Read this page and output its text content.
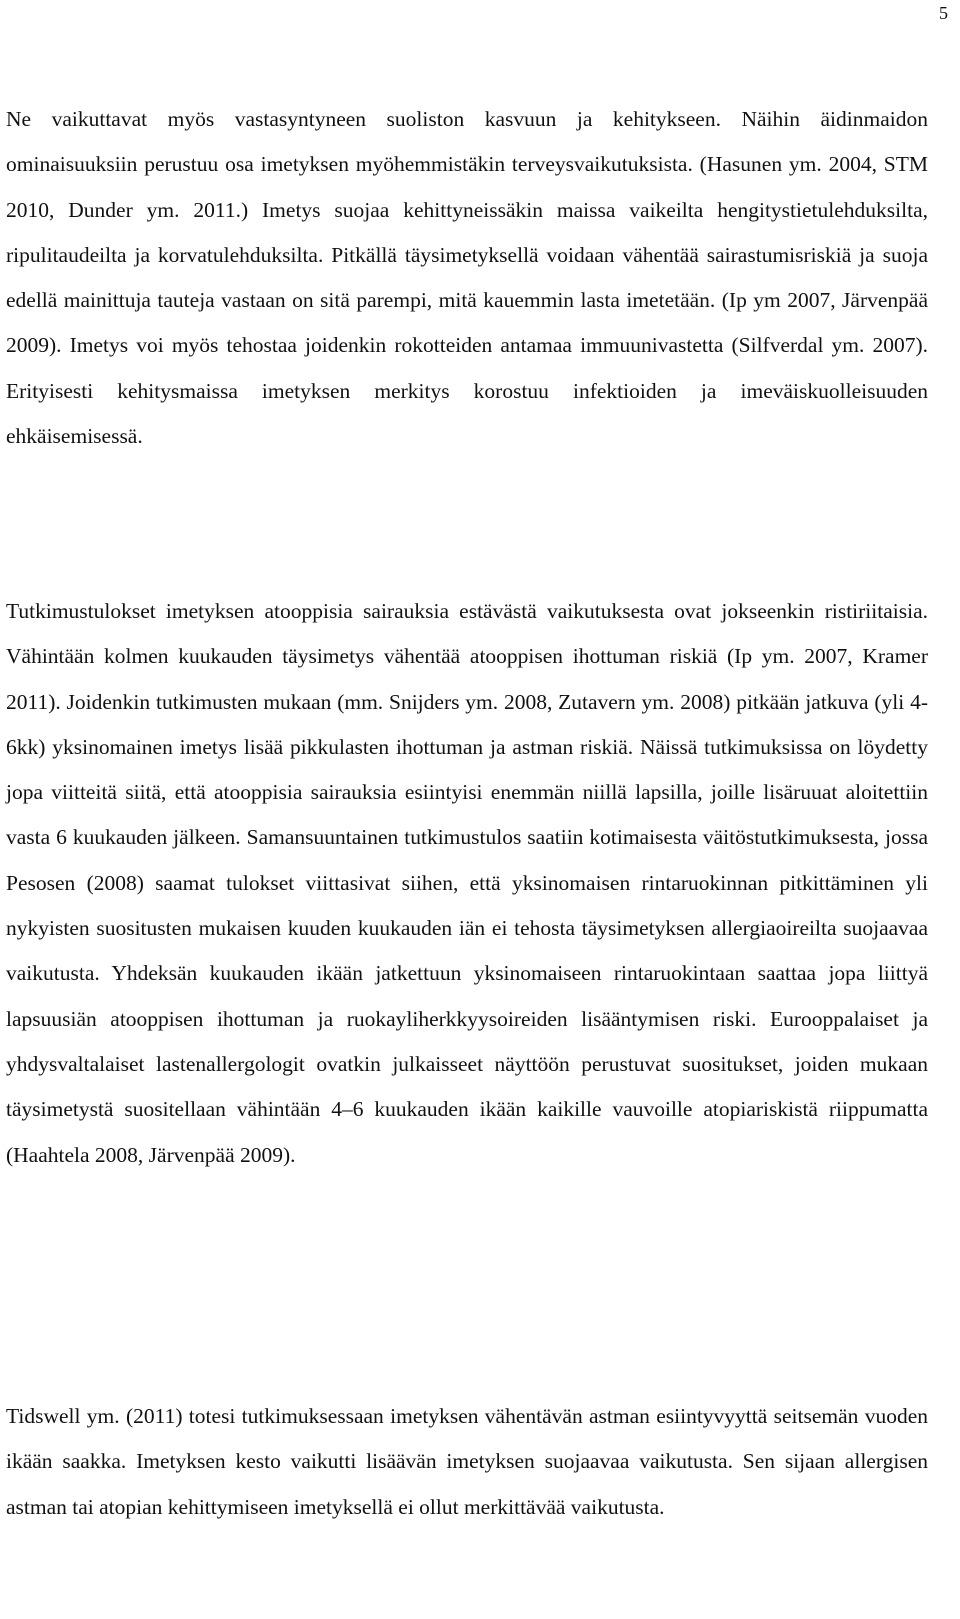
5

Ne vaikuttavat myös vastasyntyneen suoliston kasvuun ja kehitykseen. Näihin äidinmaidon ominaisuuksiin perustuu osa imetyksen myöhemmistäkin terveysvaikutuksista. (Hasunen ym. 2004, STM 2010, Dunder ym. 2011.) Imetys suojaa kehittyneissäkin maissa vaikeilta hengitystietulehduksilta, ripulitaudeilta ja korvatulehduksilta. Pitkällä täysimetyksellä voidaan vähentää sairastumisriskiä ja suoja edellä mainittuja tauteja vastaan on sitä parempi, mitä kauemmin lasta imetetään. (Ip ym 2007, Järvenpää 2009). Imetys voi myös tehostaa joidenkin rokotteiden antamaa immuunivastetta (Silfverdal ym. 2007). Erityisesti kehitysmaissa imetyksen merkitys korostuu infektioiden ja imeväiskuolleisuuden ehkäisemisessä.

Tutkimustulokset imetyksen atooppisia sairauksia estävästä vaikutuksesta ovat jokseenkin ristiriitaisia. Vähintään kolmen kuukauden täysimetys vähentää atooppisen ihottuman riskiä (Ip ym. 2007, Kramer 2011). Joidenkin tutkimusten mukaan (mm. Snijders ym. 2008, Zutavern ym. 2008) pitkään jatkuva (yli 4-6kk) yksinomainen imetys lisää pikkulasten ihottuman ja astman riskiä. Näissä tutkimuksissa on löydetty jopa viitteitä siitä, että atooppisia sairauksia esiintyisi enemmän niillä lapsilla, joille lisäruuat aloitettiin vasta 6 kuukauden jälkeen. Samansuuntainen tutkimustulos saatiin kotimaisesta väitöstutkimuksesta, jossa Pesosen (2008) saamat tulokset viittasivat siihen, että yksinomaisen rintaruokinnan pitkittäminen yli nykyisten suositusten mukaisen kuuden kuukauden iän ei tehosta täysimetyksen allergiaoireilta suojaavaa vaikutusta. Yhdeksän kuukauden ikään jatkettuun yksinomaiseen rintaruokintaan saattaa jopa liittyä lapsuusiän atooppisen ihottuman ja ruokayliherkkyysoireiden lisääntymisen riski. Eurooppalaiset ja yhdysvaltalaiset lastenallergologit ovatkin julkaisseet näyttöön perustuvat suositukset, joiden mukaan täysimetystä suositellaan vähintään 4–6 kuukauden ikään kaikille vauvoille atopiariskistä riippumatta (Haahtela 2008, Järvenpää 2009).

Tidswell ym. (2011) totesi tutkimuksessaan imetyksen vähentävän astman esiintyvyyttä seitsemän vuoden ikään saakka. Imetyksen kesto vaikutti lisäävän imetyksen suojaavaa vaikutusta. Sen sijaan allergisen astman tai atopian kehittymiseen imetyksellä ei ollut merkittävää vaikutusta.
